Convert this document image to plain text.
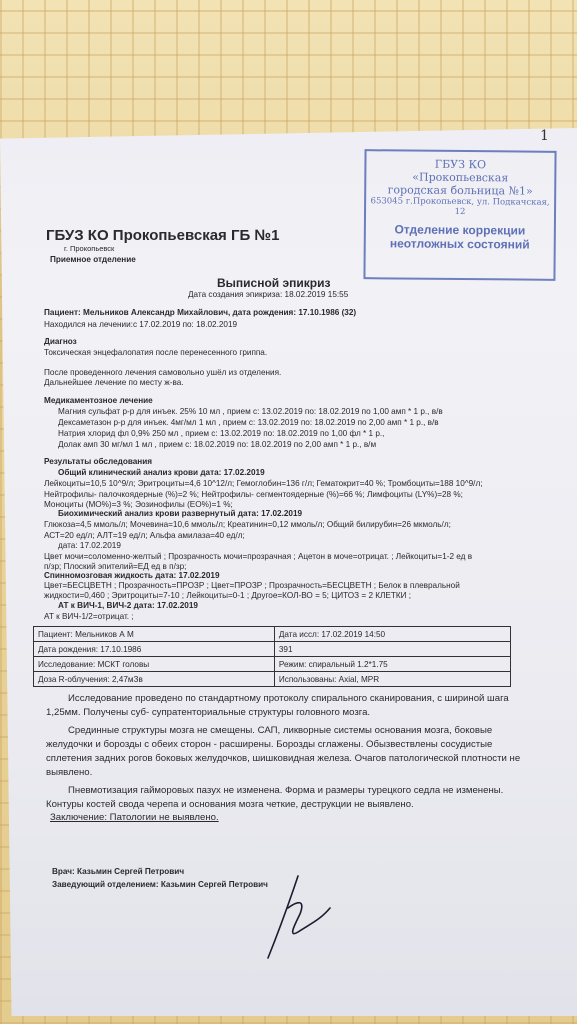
1
ГБУЗ КО
«Прокопьевская
городская больница №1»
653045 г.Прокопьевск, ул. Подкачская, 12
Отделение коррекции
неотложных состояний
ГБУЗ КО Прокопьевская ГБ №1
г. Прокопьевск
Приемное отделение
Выписной эпикриз
Дата создания эпикриза: 18.02.2019 15:55
Пациент: Мельников Александр Михайлович, дата рождения: 17.10.1986 (32)
Находился на лечении:с 17.02.2019 по: 18.02.2019
Диагноз
Токсическая энцефалопатия после перенесенного гриппа.
После проведенного лечения самовольно ушёл из отделения.
Дальнейшее лечение по месту ж-ва.
Медикаментозное лечение
Магния сульфат р-р для инъек. 25% 10 мл , прием с: 13.02.2019 по: 18.02.2019 по 1,00 амп * 1 р., в/в
Дексаметазон р-р для инъек. 4мг/мл 1 мл , прием с: 13.02.2019 по: 18.02.2019 по 2,00 амп * 1 р., в/в
Натрия хлорид фл 0,9% 250 мл , прием с: 13.02.2019 по: 18.02.2019 по 1,00 фл * 1 р.,
Долак амп 30 мг/мл 1 мл , прием с: 18.02.2019 по: 18.02.2019 по 2,00 амп * 1 р., в/м
Результаты обследования
Общий клинический анализ крови дата: 17.02.2019
Лейкоциты=10,5 10^9/л; Эритроциты=4,6 10^12/л; Гемоглобин=136 г/л; Гематокрит=40 %; Тромбоциты=188 10^9/л;
Нейтрофилы- палочкоядерные (%)=2 %; Нейтрофилы- сегментоядерные (%)=66 %; Лимфоциты (LY%)=28 %;
Моноциты (МО%)=3 %; Эозинофилы (EO%)=1 %;
Биохимический анализ крови развернутый дата: 17.02.2019
Глюкоза=4,5 ммоль/л; Мочевина=10,6 ммоль/л; Креатинин=0,12 ммоль/л; Общий билирубин=26 мкмоль/л;
АСТ=20 ед/л; АЛТ=19 ед/л; Альфа амилаза=40 ед/л;
дата: 17.02.2019
Цвет мочи=соломенно-желтый ; Прозрачность мочи=прозрачная ; Ацетон в моче=отрицат. ; Лейкоциты=1-2 ед в
п/зр; Плоский эпителий=ЕД ед в п/зр;
Спинномозговая жидкость дата: 17.02.2019
Цвет=БЕСЦВЕТН ; Прозрачность=ПРОЗР ; Цвет=ПРОЗР ; Прозрачность=БЕСЦВЕТН ; Белок в плевральной
жидкости=0,460 ; Эритроциты=7-10 ; Лейкоциты=0-1 ; Другое=КОЛ-ВО = 5; ЦИТОЗ = 2 КЛЕТКИ ;
АТ к ВИЧ-1, ВИЧ-2 дата: 17.02.2019
АТ к ВИЧ-1/2=отрицат. ;
Пациент: Мельников А М	Дата иссл: 17.02.2019 14:50
Дата рождения: 17.10.1986	391
Исследование: МСКТ головы	Режим: спиральный 1.2*1.75
Доза R-облучения: 2,47мЗв	Использованы: Axial, MPR
Исследование проведено по стандартному протоколу спирального сканирования, с шириной шага 1,25мм. Получены суб- супратенториальные структуры головного мозга.
Срединные структуры мозга не смещены. САП, ликворные системы основания мозга, боковые желудочки и борозды с обеих сторон - расширены. Борозды сглажены. Обызвествлены сосудистые сплетения задних рогов боковых желудочков, шишковидная железа. Очагов патологической плотности не выявлено.
Пневмотизация гайморовых пазух не изменена. Форма и размеры турецкого седла не изменены. Контуры костей свода черепа и основания мозга четкие, деструкции не выявлено.
Заключение: Патологии не выявлено.
Врач: Казьмин Сергей Петрович
Заведующий отделением: Казьмин Сергей Петрович
